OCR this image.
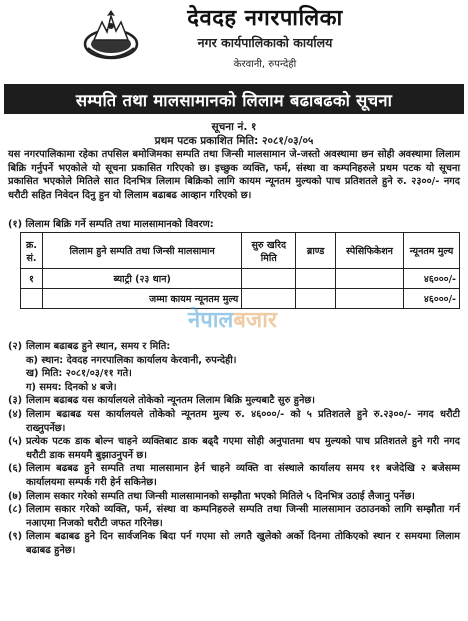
देवदह नगरपालिका
नगर कार्यपालिकाको कार्यालय
केरवानी, रुपन्देही
सम्पति तथा मालसामानको लिलाम बढाबढको सूचना
सूचना नं. १
प्रथम पटक प्रकाशित मिति: २०८१/०३/०५
यस नगरपालिकामा रहेका तपसिल बमोजिमका सम्पति तथा जिन्सी मालसामान जे-जस्तो अवस्थामा छन सोही अवस्थामा लिलाम बिक्रि गर्नुपर्ने भएकोले यो सूचना प्रकासित गरिएको छ। इच्छुक व्यक्ति, फर्म, संस्था वा कम्पनिहरुले प्रथम पटक यो सूचना प्रकासित भएकोले मितिले सात दिनभित्र लिलाम बिक्रिको लागि कायम न्यूनतम मुल्यको पाच प्रतिशतले हुने रु. २३००/- नगद धरौटी सहित निवेदन दिनु हुन यो लिलाम बढाबढ आव्हान गरिएको छ।
(१) लिलाम बिक्रि गर्ने सम्पति तथा मालसामानको विवरण:
क्र. सं.	लिलाम हुने सम्पति तथा जिन्सी मालसामान	सुरु खरिद मिति	ब्राण्ड	स्पेसिफिकेशन	न्यूनतम मुल्य
१	ब्याट्री (२३ थान)				४६०००/-
	जम्मा कायम न्यूनतम मुल्य				४६०००/-
नेपालबजार
(२) लिलाम बढाबढ हुने स्थान, समय र मिति:
क) स्थान: देवदह नगरपालिका कार्यालय केरवानी, रुपन्देही।
ख) मिति: २०८१/०३/११ गते।
ग) समय: दिनको ४ बजे।
(३) लिलाम बढाबढ यस कार्यालयले तोकेको न्यूनतम लिलाम बिक्रि मुल्यबाटै सुरु हुनेछ।
(४) लिलाम बढाबढ यस कार्यालयले तोकेको न्यूनतम मुल्य रु. ४६०००/- को ५ प्रतिशतले हुने रु.२३००/- नगद धरौटी राख्नुपर्नेछ।
(५) प्रत्येक पटक डाक बोल्न चाहने व्यक्तिबाट डाक बढ्दै गएमा सोही अनुपातमा थप मुल्यको पाच प्रतिशतले हुने गरी नगद धरौटी डाक समयमै बुझाउनुपर्ने छ।
(६) लिलाम बढबढ हुने सम्पति तथा मालसामान हेर्न चाहने व्यक्ति वा संस्थाले कार्यालय समय ११ बजेदेखि २ बजेसम्म कार्यालयमा सम्पर्क गरी हेर्न सकिनेछ।
(७) लिलाम सकार गरेको सम्पति तथा जिन्सी मालसामानको सम्झौता भएको मितिले ५ दिनभित्र उठाई लैजानु पर्नेछ।
(८) लिलाम सकार गरेको व्यक्ति, फर्म, संस्था वा कम्पनिहरुले सम्पति तथा जिन्सी मालसामान उठाउनको लागि सम्झौता गर्न नआएमा निजको धरौटी जफत गरिनेछ।
(९) लिलाम बढाबढ हुने दिन सार्वजनिक बिदा पर्न गएमा सो लगतै खुलेको अर्को दिनमा तोकिएको स्थान र समयमा लिलाम बढाबढ हुनेछ।
